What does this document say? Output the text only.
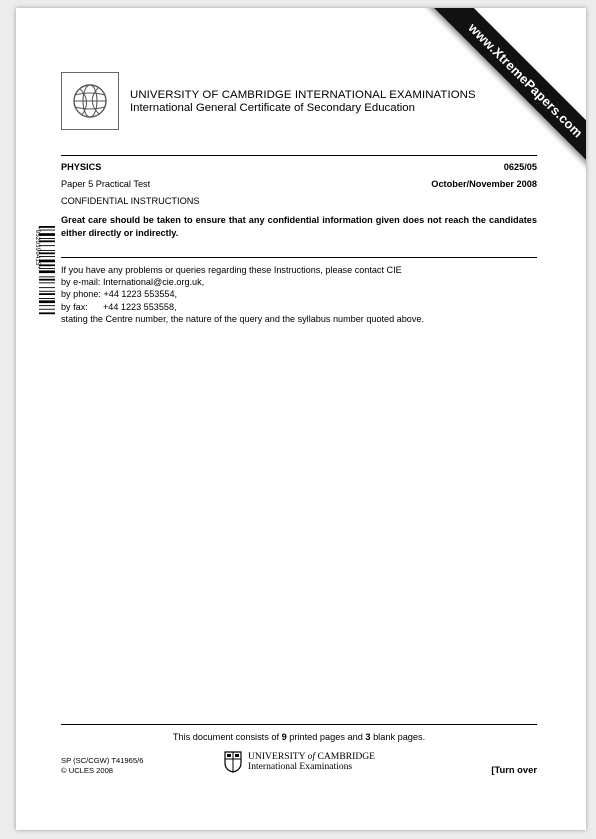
www.XtremePapers.com
UNIVERSITY OF CAMBRIDGE INTERNATIONAL EXAMINATIONS
International General Certificate of Secondary Education
PHYSICS	0625/05
Paper 5 Practical Test	October/November 2008
CONFIDENTIAL INSTRUCTIONS
Great care should be taken to ensure that any confidential information given does not reach the candidates either directly or indirectly.
If you have any problems or queries regarding these Instructions, please contact CIE
by e-mail: International@cie.org.uk,
by phone: +44 1223 553554,
by fax:      +44 1223 553558,
stating the Centre number, the nature of the query and the syllabus number quoted above.
*0520390415*
This document consists of 9 printed pages and 3 blank pages.
SP (SC/CGW) T41965/6
© UCLES 2008
UNIVERSITY of CAMBRIDGE
International Examinations	[Turn over
